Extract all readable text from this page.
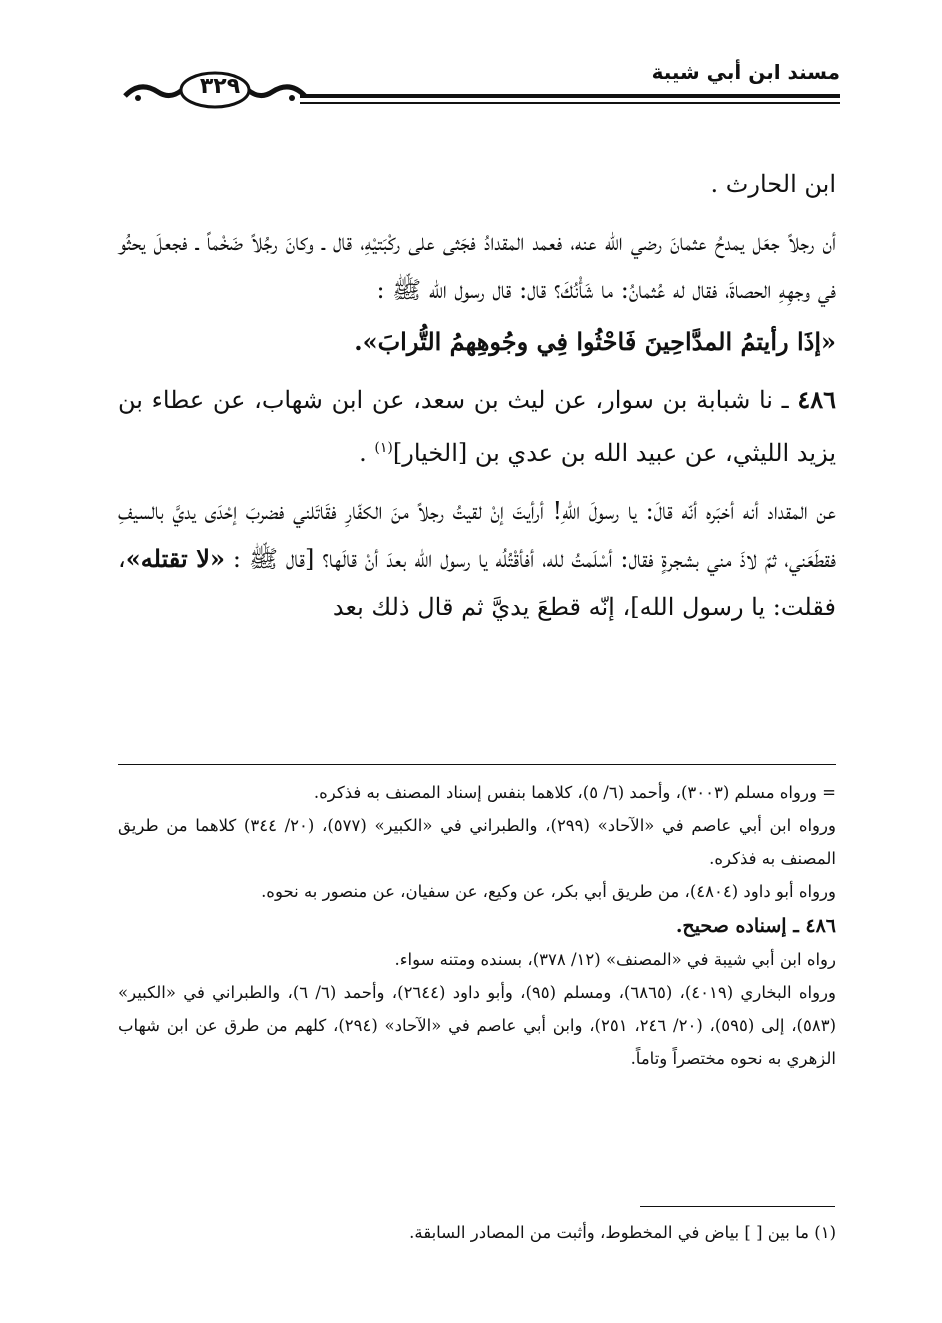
مسند ابن أبي شيبة
٣٢٩

ابن الحارث .

أن رجلاً جعَل يمدحُ عثمانَ رضي الله عنه، فعمد المقدادُ فجَثى على ركْبَتيْهِ، قال ـ وكانَ رجُلاً ضَخْماً ـ فجعلَ يحثُو في وجهِهِ الحصاةَ، فقال له عُثمانُ: ما شَأْنُكَ؟ قال: قال رسول الله ﷺ :

«إذَا رأيتمُ المدَّاحِينَ فَاحْثُوا فِي وجُوهِهمُ التُّرابَ».

٤٨٦ ـ نا شبابة بن سوار، عن ليث بن سعد، عن ابن شهاب، عن عطاء بن يزيد الليثي، عن عبيد الله بن عدي بن [الخيار]$^{(١)}$ .

عن المقداد أنه أخبَره أنّه قالَ: يا رسولَ اللهِ! أرأيتَ إنْ لقيتُ رجلاً منَ الكفّارِ فقَاتَلني فضربَ إحْدَى يديَّ بالسيفِ فقطَعَني، ثمّ لاذَ مني بشجرةٍ فقال: أسْلَمتُ لله، أفأقْتُلُه يا رسول الله بعدَ أنْ قالَها؟ [قال ﷺ : «لا تقتله»، فقلت: يا رسول الله]، إنّه قطعَ يديَّ ثم قال ذلك بعد

= ورواه مسلم (٣٠٠٣)، وأحمد (٦/ ٥)، كلاهما بنفس إسناد المصنف به فذكره.

ورواه ابن أبي عاصم في «الآحاد» (٢٩٩)، والطبراني في «الكبير» (٥٧٧)، (٢٠/ ٣٤٤) كلاهما من طريق المصنف به فذكره.

ورواه أبو داود (٤٨٠٤)، من طريق أبي بكر، عن وكيع، عن سفيان، عن منصور به نحوه.

٤٨٦ ـ إسناده صحيح.

رواه ابن أبي شيبة في «المصنف» (١٢/ ٣٧٨)، بسنده ومتنه سواء.

ورواه البخاري (٤٠١٩)، (٦٨٦٥)، ومسلم (٩٥)، وأبو داود (٢٦٤٤)، وأحمد (٦/ ٦)، والطبراني في «الكبير» (٥٨٣)، إلى (٥٩٥)، (٢٠/ ٢٤٦، ٢٥١)، وابن أبي عاصم في «الآحاد» (٢٩٤)، كلهم من طرق عن ابن شهاب الزهري به نحوه مختصراً وتاماً.

(١) ما بين [ ] بياض في المخطوط، وأثبت من المصادر السابقة.
